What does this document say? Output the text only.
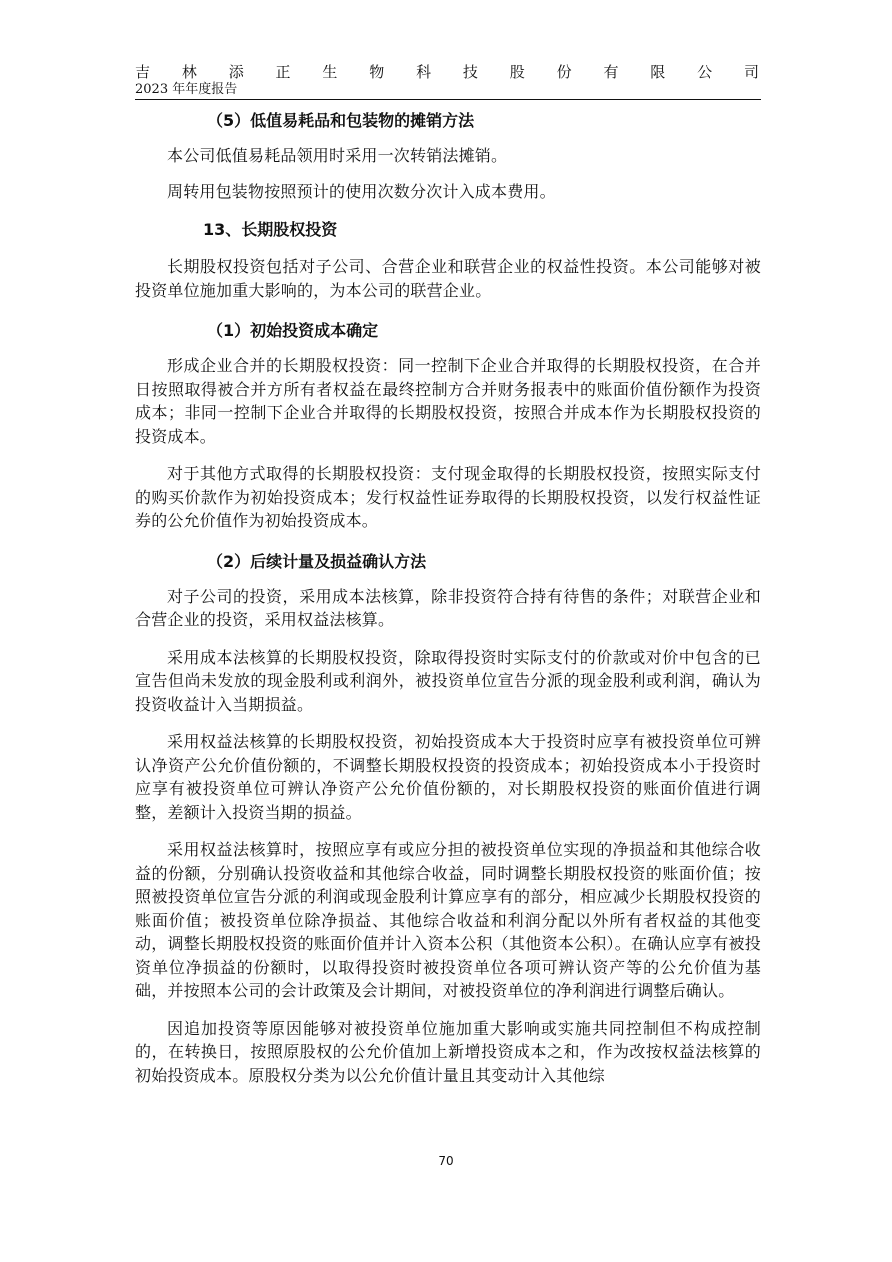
吉 林 添 正 生 物 科 技 股 份 有 限 公 司
2023 年年度报告
（5）低值易耗品和包装物的摊销方法

本公司低值易耗品领用时采用一次转销法摊销。

周转用包装物按照预计的使用次数分次计入成本费用。

13、长期股权投资

长期股权投资包括对子公司、合营企业和联营企业的权益性投资。本公司能够对被投资单位施加重大影响的，为本公司的联营企业。

（1）初始投资成本确定

形成企业合并的长期股权投资：同一控制下企业合并取得的长期股权投资，在合并日按照取得被合并方所有者权益在最终控制方合并财务报表中的账面价值份额作为投资成本；非同一控制下企业合并取得的长期股权投资，按照合并成本作为长期股权投资的投资成本。

对于其他方式取得的长期股权投资：支付现金取得的长期股权投资，按照实际支付的购买价款作为初始投资成本；发行权益性证券取得的长期股权投资，以发行权益性证券的公允价值作为初始投资成本。

（2）后续计量及损益确认方法

对子公司的投资，采用成本法核算，除非投资符合持有待售的条件；对联营企业和合营企业的投资，采用权益法核算。

采用成本法核算的长期股权投资，除取得投资时实际支付的价款或对价中包含的已宣告但尚未发放的现金股利或利润外，被投资单位宣告分派的现金股利或利润，确认为投资收益计入当期损益。

采用权益法核算的长期股权投资，初始投资成本大于投资时应享有被投资单位可辨认净资产公允价值份额的，不调整长期股权投资的投资成本；初始投资成本小于投资时应享有被投资单位可辨认净资产公允价值份额的，对长期股权投资的账面价值进行调整，差额计入投资当期的损益。

采用权益法核算时，按照应享有或应分担的被投资单位实现的净损益和其他综合收益的份额，分别确认投资收益和其他综合收益，同时调整长期股权投资的账面价值；按照被投资单位宣告分派的利润或现金股利计算应享有的部分，相应减少长期股权投资的账面价值；被投资单位除净损益、其他综合收益和利润分配以外所有者权益的其他变动，调整长期股权投资的账面价值并计入资本公积（其他资本公积）。在确认应享有被投资单位净损益的份额时，以取得投资时被投资单位各项可辨认资产等的公允价值为基础，并按照本公司的会计政策及会计期间，对被投资单位的净利润进行调整后确认。

因追加投资等原因能够对被投资单位施加重大影响或实施共同控制但不构成控制的，在转换日，按照原股权的公允价值加上新增投资成本之和，作为改按权益法核算的初始投资成本。原股权分类为以公允价值计量且其变动计入其他综

70
